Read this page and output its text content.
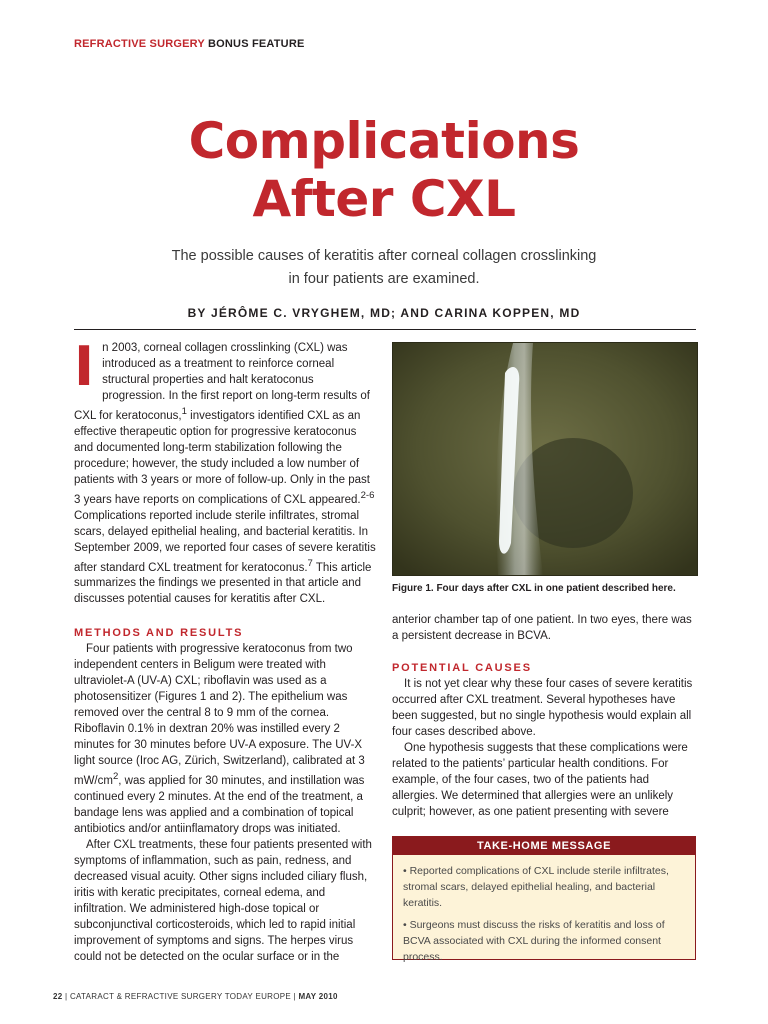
REFRACTIVE SURGERY BONUS FEATURE
Complications
After CXL
The possible causes of keratitis after corneal collagen crosslinking
in four patients are examined.
BY JÉRÔME C. VRYGHEM, MD; AND CARINA KOPPEN, MD

In 2003, corneal collagen crosslinking (CXL) was introduced as a treatment to reinforce corneal structural properties and halt keratoconus progression. In the first report on long-term results of CXL for keratoconus,$^1$ investigators identified CXL as an effective therapeutic option for progressive keratoconus and documented long-term stabilization following the procedure; however, the study included a low number of patients with 3 years or more of follow-up. Only in the past 3 years have reports on complications of CXL appeared.$^{2-6}$ Complications reported include sterile infiltrates, stromal scars, delayed epithelial healing, and bacterial keratitis. In September 2009, we reported four cases of severe keratitis after standard CXL treatment for keratoconus.$^7$ This article summarizes the findings we presented in that article and discusses potential causes for keratitis after CXL.

METHODS AND RESULTS

Four patients with progressive keratoconus from two independent centers in Beligum were treated with ultraviolet-A (UV-A) CXL; riboflavin was used as a photosensitizer (Figures 1 and 2). The epithelium was removed over the central 8 to 9 mm of the cornea. Riboflavin 0.1% in dextran 20% was instilled every 2 minutes for 30 minutes before UV-A exposure. The UV-X light source (Iroc AG, Zürich, Switzerland), calibrated at 3 $mW/cm^2$, was applied for 30 minutes, and instillation was continued every 2 minutes. At the end of the treatment, a bandage lens was applied and a combination of topical antibiotics and/or antiinflamatory drops was initiated.

After CXL treatments, these four patients presented with symptoms of inflammation, such as pain, redness, and decreased visual acuity. Other signs included ciliary flush, iritis with keratic precipitates, corneal edema, and infiltration. We administered high-dose topical or subconjunctival corticosteroids, which led to rapid initial improvement of symptoms and signs. The herpes virus could not be detected on the ocular surface or in the

Figure 1. Four days after CXL in one patient described here.

anterior chamber tap of one patient. In two eyes, there was a persistent decrease in BCVA.

POTENTIAL CAUSES

It is not yet clear why these four cases of severe keratitis occurred after CXL treatment. Several hypotheses have been suggested, but no single hypothesis would explain all four cases described above.

One hypothesis suggests that these complications were related to the patients’ particular health conditions. For example, of the four cases, two of the patients had allergies. We determined that allergies were an unlikely culprit; however, as one patient presenting with severe

TAKE-HOME MESSAGE
• Reported complications of CXL include sterile infiltrates, stromal scars, delayed epithelial healing, and bacterial keratitis.
• Surgeons must discuss the risks of keratitis and loss of BCVA associated with CXL during the informed consent process.
22 | CATARACT & REFRACTIVE SURGERY TODAY EUROPE | MAY 2010
